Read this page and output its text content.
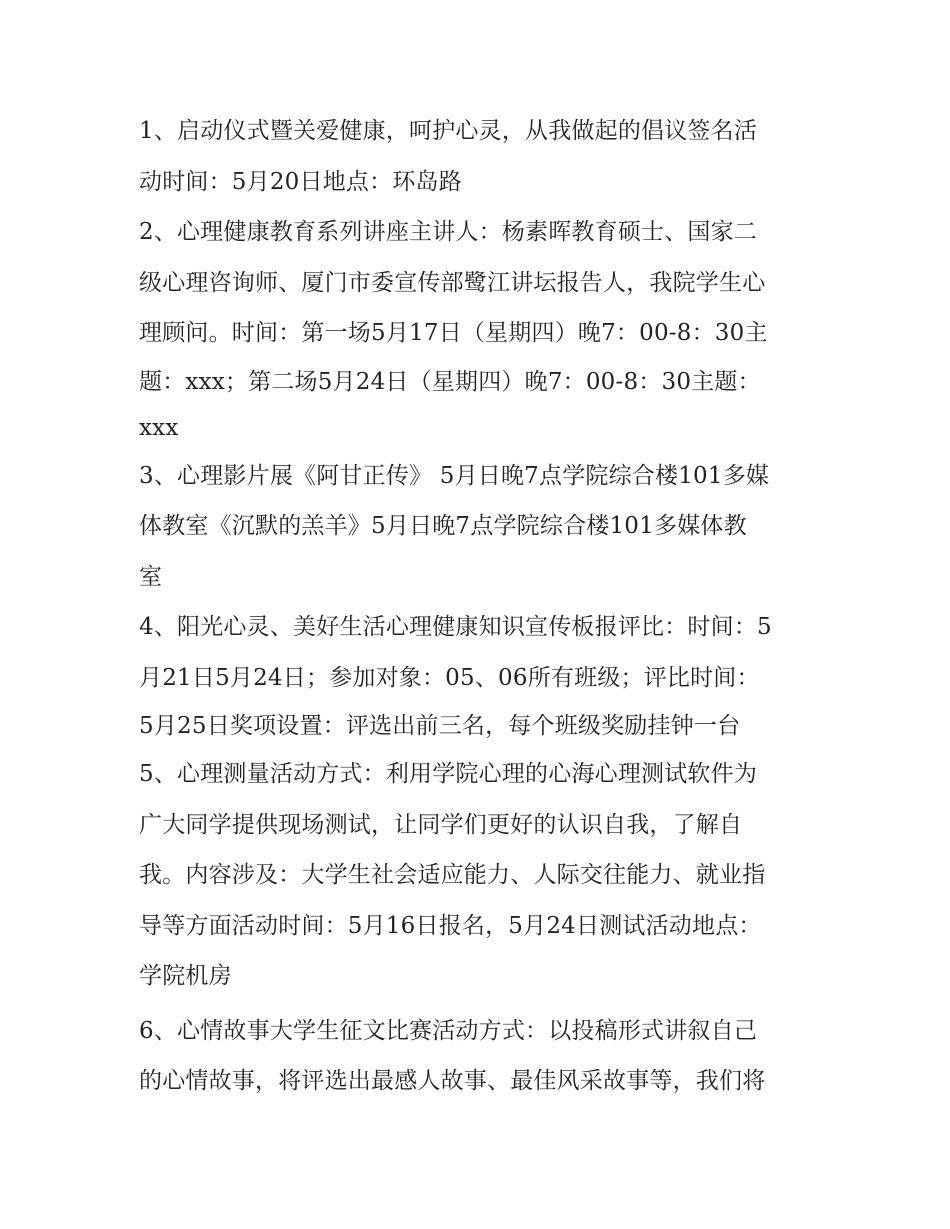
1、启动仪式暨关爱健康，呵护心灵，从我做起的倡议签名活
动时间：5月20日地点：环岛路
2、心理健康教育系列讲座主讲人：杨素晖教育硕士、国家二
级心理咨询师、厦门市委宣传部鹭江讲坛报告人，我院学生心
理顾问。时间：第一场5月17日（星期四）晚7：00-8：30主
题：xxx；第二场5月24日（星期四）晚7：00-8：30主题：
xxx
3、心理影片展《阿甘正传》 5月日晚7点学院综合楼101多媒
体教室《沉默的羔羊》5月日晚7点学院综合楼101多媒体教
室
4、阳光心灵、美好生活心理健康知识宣传板报评比：时间：5
月21日5月24日；参加对象：05、06所有班级；评比时间：
5月25日奖项设置：评选出前三名，每个班级奖励挂钟一台
5、心理测量活动方式：利用学院心理的心海心理测试软件为
广大同学提供现场测试，让同学们更好的认识自我，了解自
我。内容涉及：大学生社会适应能力、人际交往能力、就业指
导等方面活动时间：5月16日报名，5月24日测试活动地点：
学院机房
6、心情故事大学生征文比赛活动方式：以投稿形式讲叙自己
的心情故事，将评选出最感人故事、最佳风采故事等，我们将
